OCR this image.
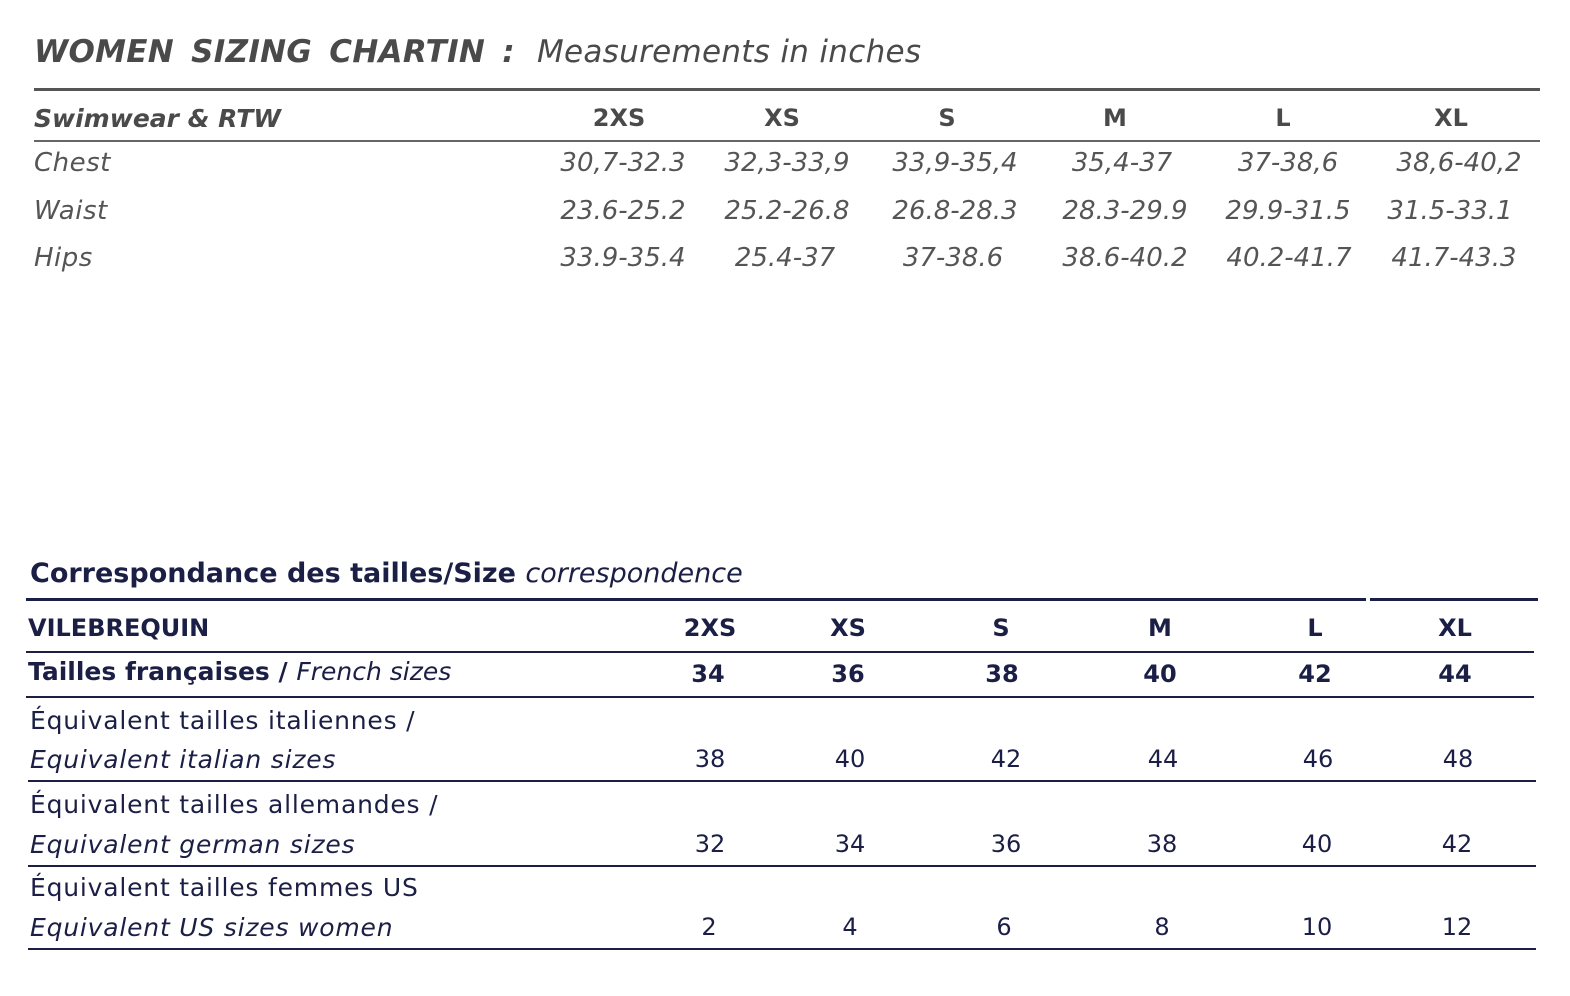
WOMEN SIZING CHARTIN : Measurements in inches
Swimwear & RTW	2XS	XS	S	M	L	XL
Chest	30,7-32.3	32,3-33,9	33,9-35,4	35,4-37	37-38,6	38,6-40,2
Waist	23.6-25.2	25.2-26.8	26.8-28.3	28.3-29.9	29.9-31.5	31.5-33.1
Hips	33.9-35.4	25.4-37	37-38.6	38.6-40.2	40.2-41.7	41.7-43.3
Correspondance des tailles/Size correspondence
VILEBREQUIN	2XS	XS	S	M	L	XL
Tailles françaises / French sizes	34	36	38	40	42	44
Équivalent tailles italiennes /
Equivalent italian sizes	38	40	42	44	46	48
Équivalent tailles allemandes /
Equivalent german sizes	32	34	36	38	40	42
Équivalent tailles femmes US
Equivalent US sizes women	2	4	6	8	10	12
